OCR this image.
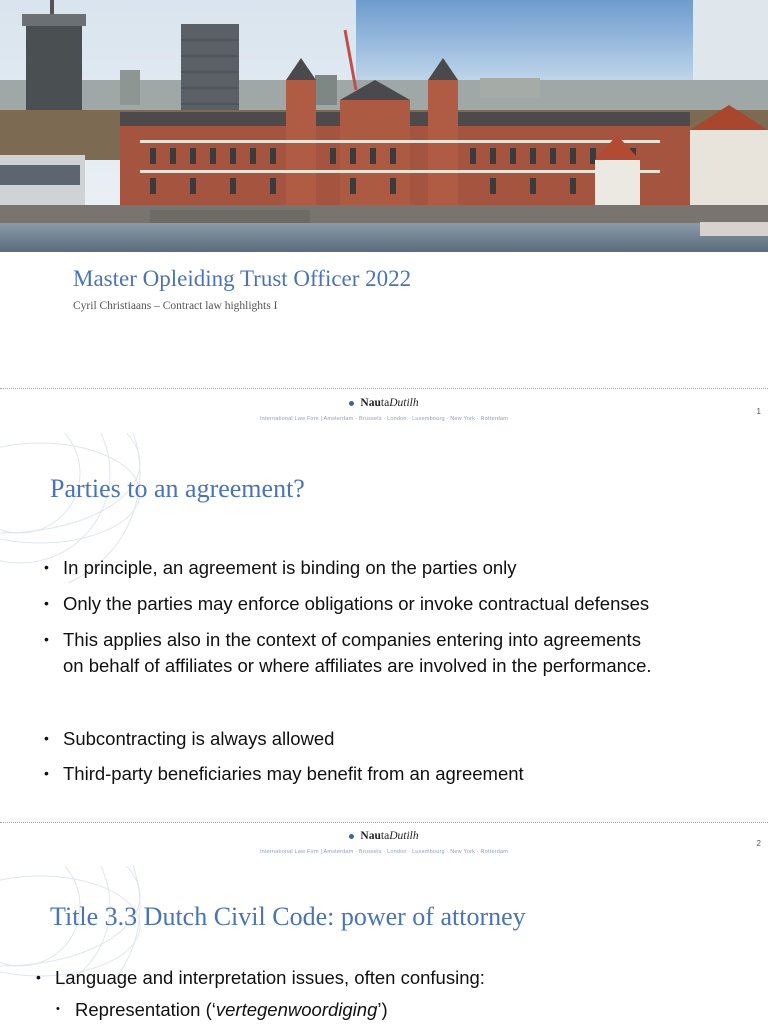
Master Opleiding Trust Officer 2022
Cyril Christiaans – Contract law highlights I
NautaDutilh
International Law Firm | Amsterdam · Brussels · London · Luxembourg · New York · Rotterdam
1
Parties to an agreement?
• In principle, an agreement is binding on the parties only
• Only the parties may enforce obligations or invoke contractual defenses
• This applies also in the context of companies entering into agreements
on behalf of affiliates or where affiliates are involved in the performance.
• Subcontracting is always allowed
• Third-party beneficiaries may benefit from an agreement
NautaDutilh
International Law Firm | Amsterdam · Brussels · London · Luxembourg · New York · Rotterdam
2
Title 3.3 Dutch Civil Code: power of attorney
• Language and interpretation issues, often confusing:
• Representation (‘vertegenwoordiging’)
